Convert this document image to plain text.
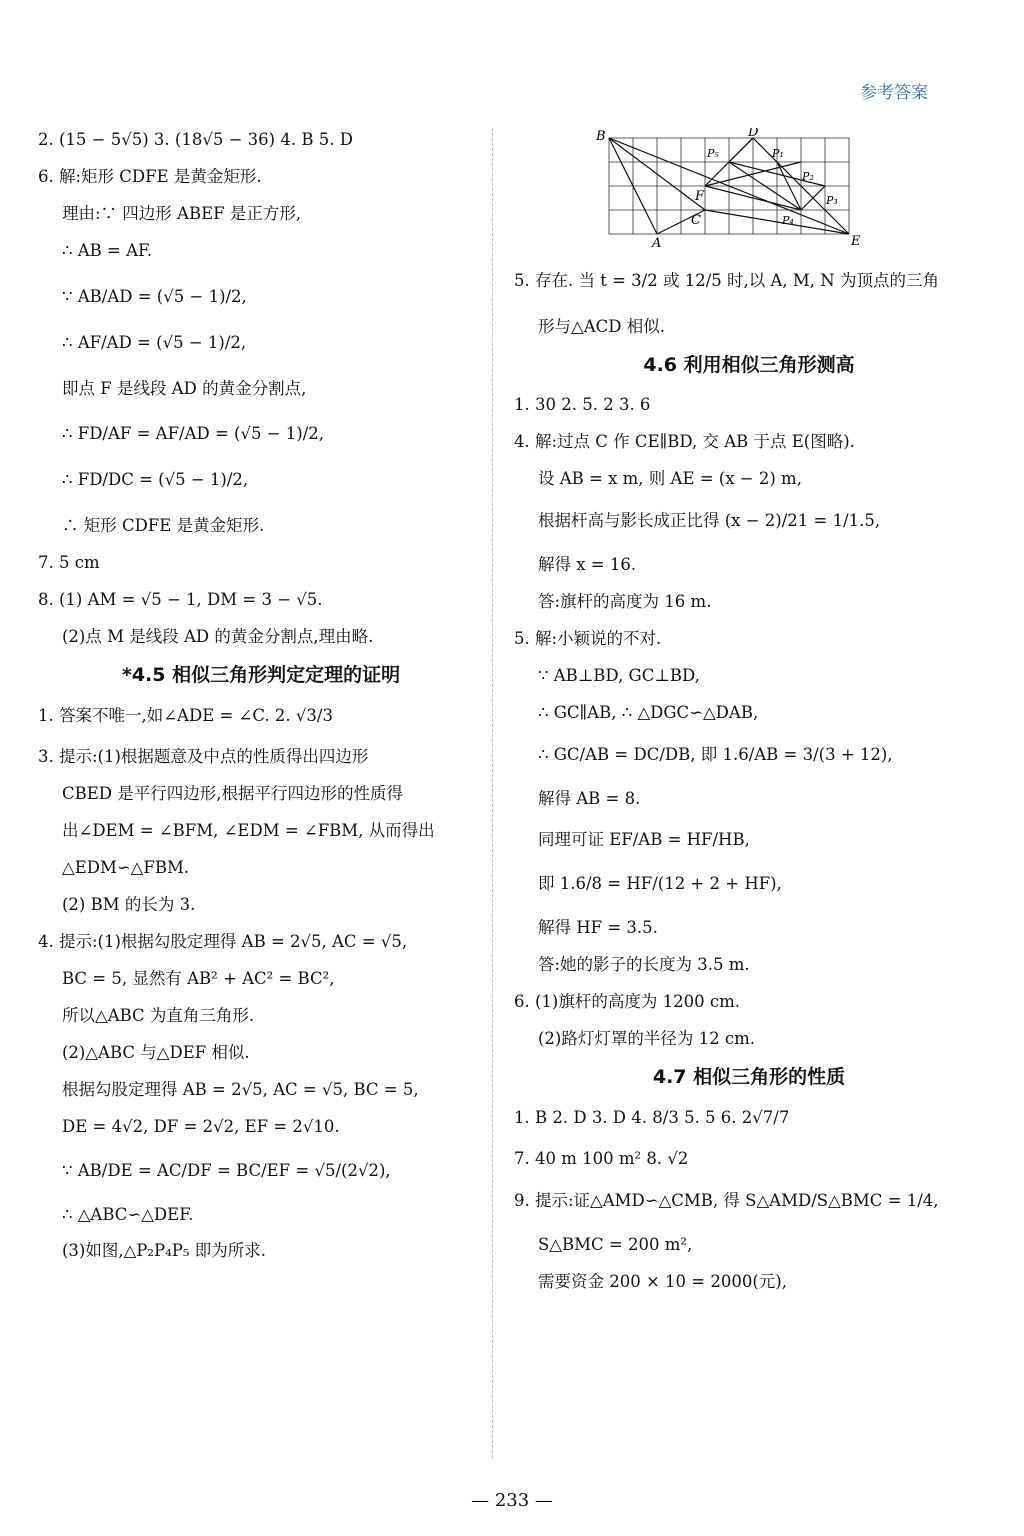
参考答案
2. (15 − 5√5) 3. (18√5 − 36) 4. B 5. D
6. 解:矩形 CDFE 是黄金矩形.
理由:∵ 四边形 ABEF 是正方形,
∴ AB = AF.
∵ AB/AD = (√5 − 1)/2,
∴ AF/AD = (√5 − 1)/2,
即点 F 是线段 AD 的黄金分割点,
∴ FD/AF = AF/AD = (√5 − 1)/2,
∴ FD/DC = (√5 − 1)/2,
∴ 矩形 CDFE 是黄金矩形.
7. 5 cm
8. (1) AM = √5 − 1, DM = 3 − √5.
(2)点 M 是线段 AD 的黄金分割点,理由略.
*4.5 相似三角形判定定理的证明
1. 答案不唯一,如∠ADE = ∠C. 2. √3/3
3. 提示:(1)根据题意及中点的性质得出四边形
CBED 是平行四边形,根据平行四边形的性质得
出∠DEM = ∠BFM, ∠EDM = ∠FBM, 从而得出
△EDM∽△FBM.
(2) BM 的长为 3.
4. 提示:(1)根据勾股定理得 AB = 2√5, AC = √5,
BC = 5, 显然有 AB² + AC² = BC²,
所以△ABC 为直角三角形.
(2)△ABC 与△DEF 相似.
根据勾股定理得 AB = 2√5, AC = √5, BC = 5,
DE = 4√2, DF = 2√2, EF = 2√10.
∵ AB/DE = AC/DF = BC/EF = √5/(2√2),
∴ △ABC∽△DEF.
(3)如图,△P₂P₄P₅ 即为所求.
B	D
A	E
C
F
P₁
P₂
P₃
P₄
P₅
5. 存在. 当 t = 3/2 或 12/5 时,以 A, M, N 为顶点的三角
形与△ACD 相似.
4.6 利用相似三角形测高
1. 30 2. 5. 2 3. 6
4. 解:过点 C 作 CE∥BD, 交 AB 于点 E(图略).
设 AB = x m, 则 AE = (x − 2) m,
根据杆高与影长成正比得 (x − 2)/21 = 1/1.5,
解得 x = 16.
答:旗杆的高度为 16 m.
5. 解:小颖说的不对.
∵ AB⊥BD, GC⊥BD,
∴ GC∥AB, ∴ △DGC∽△DAB,
∴ GC/AB = DC/DB, 即 1.6/AB = 3/(3 + 12),
解得 AB = 8.
同理可证 EF/AB = HF/HB,
即 1.6/8 = HF/(12 + 2 + HF),
解得 HF = 3.5.
答:她的影子的长度为 3.5 m.
6. (1)旗杆的高度为 1200 cm.
(2)路灯灯罩的半径为 12 cm.
4.7 相似三角形的性质
1. B 2. D 3. D 4. 8/3 5. 5 6. 2√7/7
7. 40 m 100 m² 8. √2
9. 提示:证△AMD∽△CMB, 得 S△AMD/S△BMC = 1/4,
S△BMC = 200 m²,
需要资金 200 × 10 = 2000(元),
— 233 —
